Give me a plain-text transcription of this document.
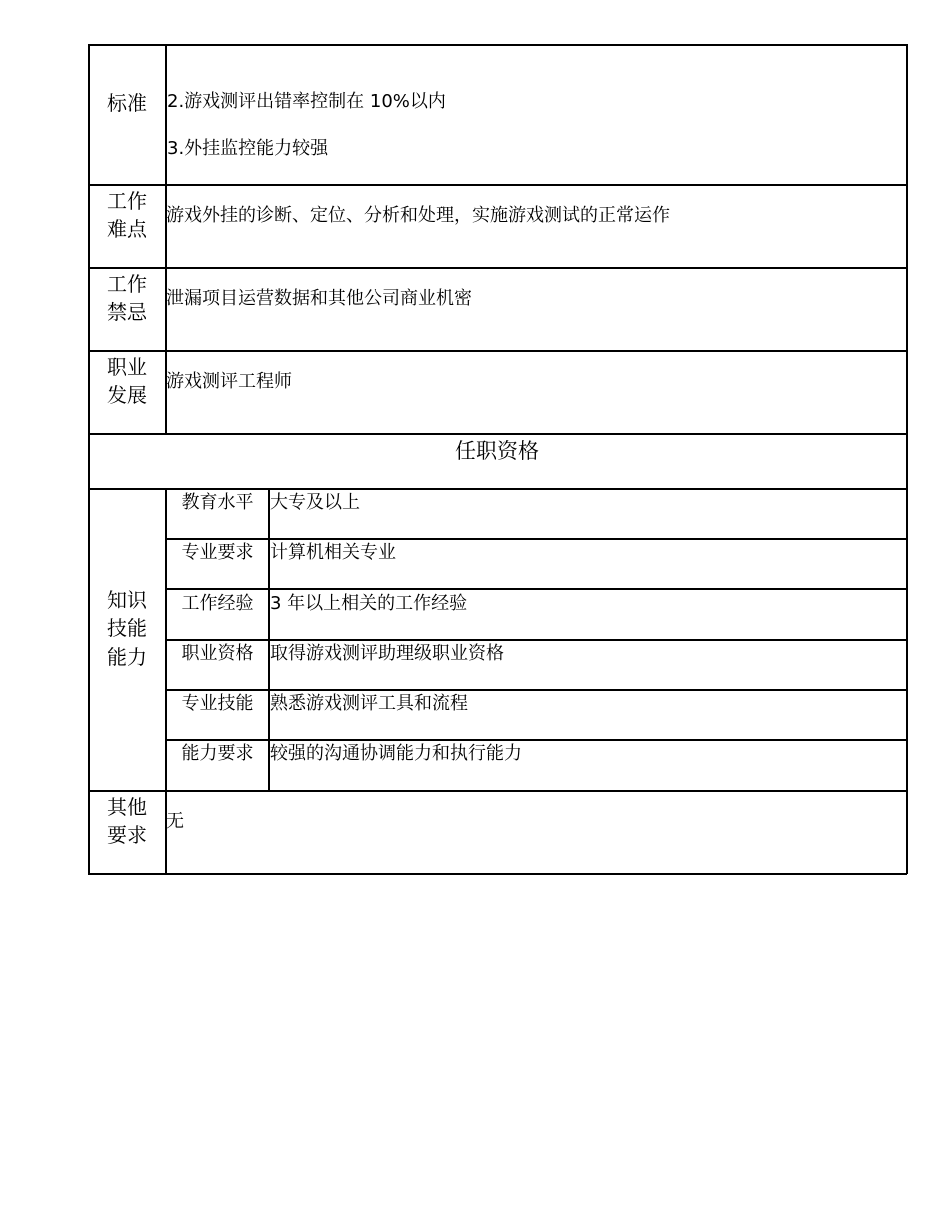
标准	2.游戏测评出错率控制在 10%以内
3.外挂监控能力较强
工作
难点
游戏外挂的诊断、定位、分析和处理，实施游戏测试的正常运作
工作
禁忌
泄漏项目运营数据和其他公司商业机密
职业
发展
游戏测评工程师
任职资格
知识
技能
能力
教育水平 大专及以上
专业要求 计算机相关专业
工作经验 3 年以上相关的工作经验
职业资格 取得游戏测评助理级职业资格
专业技能 熟悉游戏测评工具和流程
能力要求 较强的沟通协调能力和执行能力
其他
要求
无
